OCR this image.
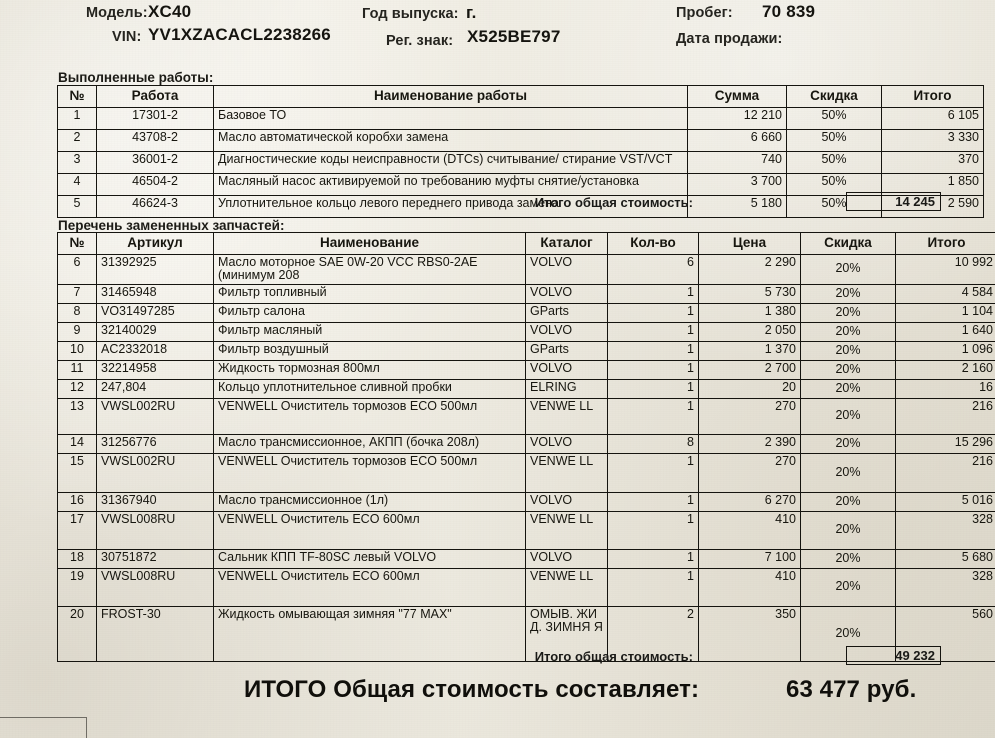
Модель: XC40
VIN: YV1XZACACL2238266
Год выпуска: г.
Рег. знак: X525BE797
Пробег: 70 839
Дата продажи:
Выполненные работы:
№	Работа	Наименование работы	Сумма	Скидка	Итого
1	17301-2	Базовое ТО	12 210	50%	6 105
2	43708-2	Масло автоматической коробхи замена	6 660	50%	3 330
3	36001-2	Диагностические коды неисправности (DTCs) считывание/ стирание VST/VCT	740	50%	370
4	46504-2	Масляный насос активируемой по требованию муфты снятие/установка	3 700	50%	1 850
5	46624-3	Уплотнительное кольцо левого переднего привода замена	5 180	50%	2 590
Итого общая стоимость:	14 245
Перечень замененных запчастей:
№	Артикул	Наименование	Каталог	Кол-во	Цена	Скидка	Итого
6	31392925	Масло моторное SAE 0W-20 VCC RBS0-2AE (минимум 208	VOLVO	6	2 290	20%	10 992
7	31465948	Фильтр топливный	VOLVO	1	5 730	20%	4 584
8	VO31497285	Фильтр салона	GParts	1	1 380	20%	1 104
9	32140029	Фильтр масляный	VOLVO	1	2 050	20%	1 640
10	AC2332018	Фильтр воздушный	GParts	1	1 370	20%	1 096
11	32214958	Жидкость тормозная 800мл	VOLVO	1	2 700	20%	2 160
12	247,804	Кольцо уплотнительное сливной пробки	ELRING	1	20	20%	16
13	VWSL002RU	VENWELL Очиститель тормозов ECO 500мл	VENWE LL	1	270	20%	216
14	31256776	Масло трансмиссионное, АКПП (бочка 208л)	VOLVO	8	2 390	20%	15 296
15	VWSL002RU	VENWELL Очиститель тормозов ECO 500мл	VENWE LL	1	270	20%	216
16	31367940	Масло трансмиссионное (1л)	VOLVO	1	6 270	20%	5 016
17	VWSL008RU	VENWELL Очиститель ECO 600мл	VENWE LL	1	410	20%	328
18	30751872	Сальник КПП TF-80SC левый VOLVO	VOLVO	1	7 100	20%	5 680
19	VWSL008RU	VENWELL Очиститель ECO 600мл	VENWE LL	1	410	20%	328
20	FROST-30	Жидкость омывающая зимняя "77 MAX"	ОМЫВ. ЖИД. ЗИМНЯ Я	2	350	20%	560
Итого общая стоимость:	49 232
ИТОГО Общая стоимость составляет:	63 477 руб.
